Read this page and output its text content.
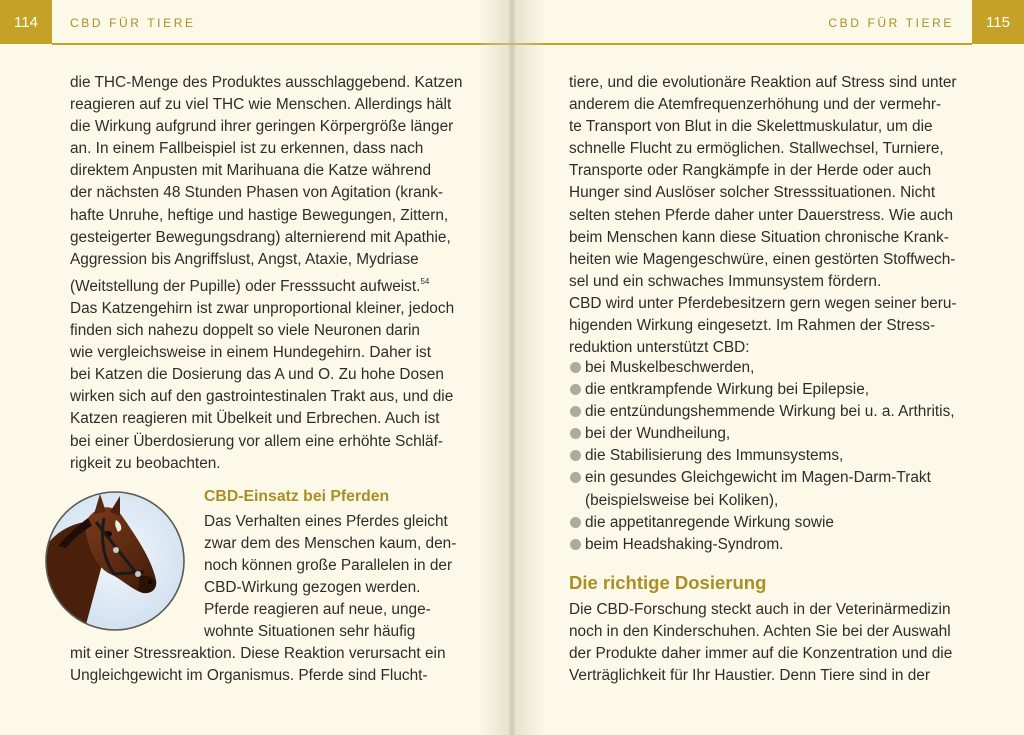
114	CBD FÜR TIERE

die THC-Menge des Produktes ausschlaggebend. Katzen

reagieren auf zu viel THC wie Menschen. Allerdings hält

die Wirkung aufgrund ihrer geringen Körpergröße länger

an. In einem Fallbeispiel ist zu erkennen, dass nach

direktem Anpusten mit Marihuana die Katze während

der nächsten 48 Stunden Phasen von Agitation (krank-

hafte Unruhe, heftige und hastige Bewegungen, Zittern,

gesteigerter Bewegungsdrang) alternierend mit Apathie,

Aggression bis Angriffslust, Angst, Ataxie, Mydriase

(Weitstellung der Pupille) oder Fresssucht aufweist.$^{54}$

Das Katzengehirn ist zwar unproportional kleiner, jedoch

finden sich nahezu doppelt so viele Neuronen darin

wie vergleichsweise in einem Hundegehirn. Daher ist

bei Katzen die Dosierung das A und O. Zu hohe Dosen

wirken sich auf den gastrointestinalen Trakt aus, und die

Katzen reagieren mit Übelkeit und Erbrechen. Auch ist

bei einer Überdosierung vor allem eine erhöhte Schläf-

rigkeit zu beobachten.

CBD-Einsatz bei Pferden

Das Verhalten eines Pferdes gleicht

zwar dem des Menschen kaum, den-

noch können große Parallelen in der

CBD-Wirkung gezogen werden.

Pferde reagieren auf neue, unge-

wohnte Situationen sehr häufig

mit einer Stressreaktion. Diese Reaktion verursacht ein

Ungleichgewicht im Organismus. Pferde sind Flucht-

115
CBD FÜR TIERE

tiere, und die evolutionäre Reaktion auf Stress sind unter

anderem die Atemfrequenzerhöhung und der vermehr-

te Transport von Blut in die Skelettmuskulatur, um die

schnelle Flucht zu ermöglichen. Stallwechsel, Turniere,

Transporte oder Rangkämpfe in der Herde oder auch

Hunger sind Auslöser solcher Stresssituationen. Nicht

selten stehen Pferde daher unter Dauerstress. Wie auch

beim Menschen kann diese Situation chronische Krank-

heiten wie Magengeschwüre, einen gestörten Stoffwech-

sel und ein schwaches Immunsystem fördern.

CBD wird unter Pferdebesitzern gern wegen seiner beru-

higenden Wirkung eingesetzt. Im Rahmen der Stress-

reduktion unterstützt CBD:

bei Muskelbeschwerden,
die entkrampfende Wirkung bei Epilepsie,
die entzündungshemmende Wirkung bei u. a. Arthritis,
bei der Wundheilung,
die Stabilisierung des Immunsystems,
ein gesundes Gleichgewicht im Magen-Darm-Trakt
(beispielsweise bei Koliken),
die appetitanregende Wirkung sowie
beim Headshaking-Syndrom.
Die richtige Dosierung

Die CBD-Forschung steckt auch in der Veterinärmedizin

noch in den Kinderschuhen. Achten Sie bei der Auswahl

der Produkte daher immer auf die Konzentration und die

Verträglichkeit für Ihr Haustier. Denn Tiere sind in der
